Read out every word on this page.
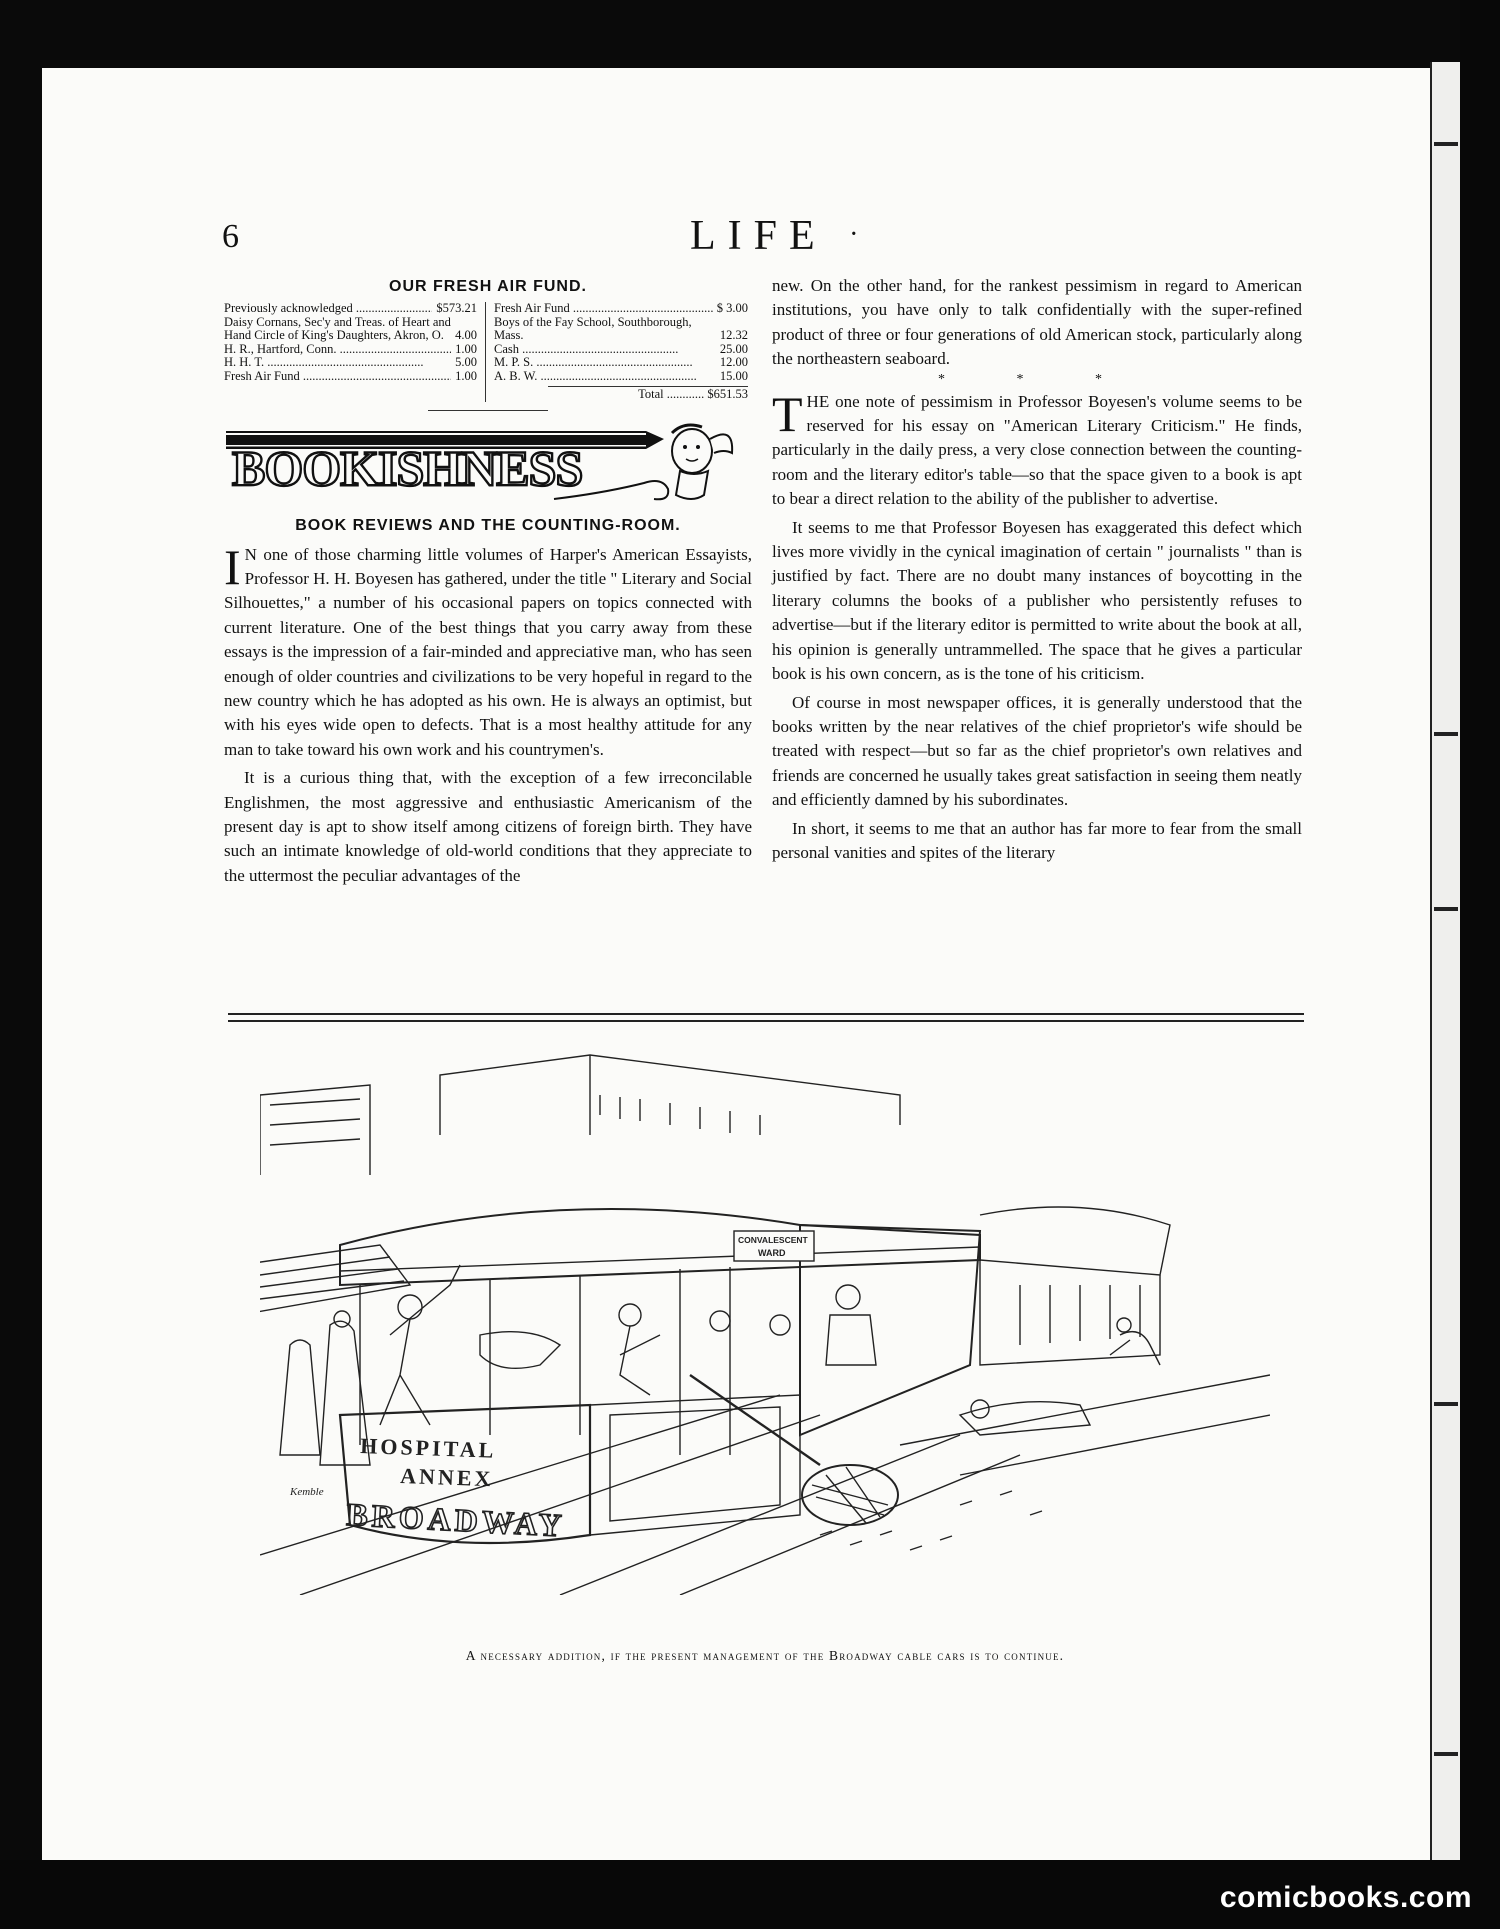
comicbooks.com
6	LIFE ·
OUR FRESH AIR FUND.
Previously acknowledged .....	$573.21
Daisy Cornans, Sec'y and Treas. of Heart and Hand Circle of King's Daughters, Akron, O. 4.00
H. R., Hartford, Conn. .....	1.00
H. H. T. .....	5.00
Fresh Air Fund .....	1.00
Fresh Air Fund .....	$ 3.00
Boys of the Fay School, Southborough, Mass.	12.32
Cash .....	25.00
M. P. S. .....	12.00
A. B. W. .....	15.00
Total ............ $651.53
BOOKISHNESS
BOOK REVIEWS AND THE COUNTING-ROOM.

I N one of those charming little volumes of Harper's American Essayists, Professor H. H. Boyesen has gathered, under the title " Literary and Social Silhouettes," a number of his occasional papers on topics connected with current literature. One of the best things that you carry away from these essays is the impression of a fair-minded and appreciative man, who has seen enough of older countries and civilizations to be very hopeful in regard to the new country which he has adopted as his own. He is always an optimist, but with his eyes wide open to defects. That is a most healthy attitude for any man to take toward his own work and his countrymen's.

It is a curious thing that, with the exception of a few irreconcilable Englishmen, the most aggressive and enthusiastic Americanism of the present day is apt to show itself among citizens of foreign birth. They have such an intimate knowledge of old-world conditions that they appreciate to the uttermost the peculiar advantages of the

new. On the other hand, for the rankest pessimism in regard to American institutions, you have only to talk confidentially with the super-refined product of three or four generations of old American stock, particularly along the northeastern seaboard.

* * *

THE one note of pessimism in Professor Boyesen's volume seems to be reserved for his essay on "American Literary Criticism." He finds, particularly in the daily press, a very close connection between the counting-room and the literary editor's table—so that the space given to a book is apt to bear a direct relation to the ability of the publisher to advertise.

It seems to me that Professor Boyesen has exaggerated this defect which lives more vividly in the cynical imagination of certain " journalists " than is justified by fact. There are no doubt many instances of boycotting in the literary columns the books of a publisher who persistently refuses to advertise—but if the literary editor is permitted to write about the book at all, his opinion is generally untrammelled. The space that he gives a particular book is his own concern, as is the tone of his criticism.

Of course in most newspaper offices, it is generally understood that the books written by the near relatives of the chief proprietor's wife should be treated with respect—but so far as the chief proprietor's own relatives and friends are concerned he usually takes great satisfaction in seeing them neatly and efficiently damned by his subordinates.

In short, it seems to me that an author has far more to fear from the small personal vanities and spites of the literary

HOSPITAL
ANNEX
BROADWAY
CONVALESCENT
WARD
Kemble
A necessary addition, if the present management of the Broadway cable cars is to continue.
